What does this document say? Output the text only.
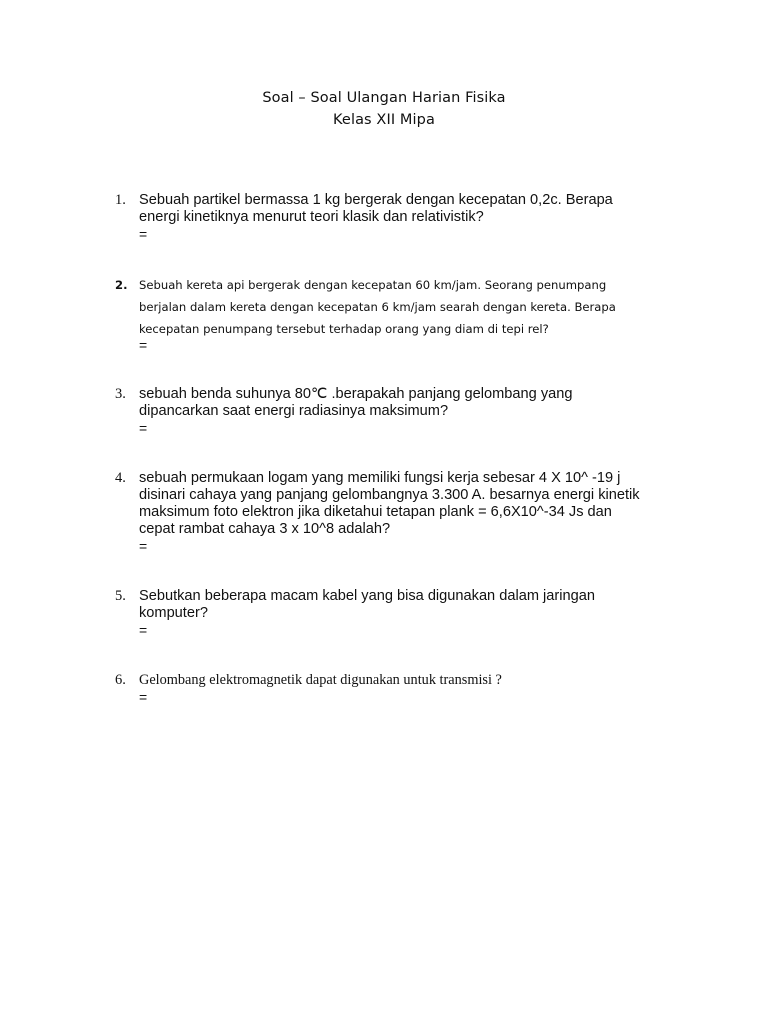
Soal – Soal Ulangan Harian Fisika
Kelas XII Mipa
1. Sebuah partikel bermassa 1 kg bergerak dengan kecepatan 0,2c. Berapa
energi kinetiknya menurut teori klasik dan relativistik?
=
2. Sebuah kereta api bergerak dengan kecepatan 60 km/jam. Seorang penumpang
berjalan dalam kereta dengan kecepatan 6 km/jam searah dengan kereta. Berapa
kecepatan penumpang tersebut terhadap orang yang diam di tepi rel?
=
3. sebuah benda suhunya 80℃ .berapakah panjang gelombang yang
dipancarkan saat energi radiasinya maksimum?
=
4. sebuah permukaan logam yang memiliki fungsi kerja sebesar 4 X 10^ -19 j
disinari cahaya yang panjang gelombangnya 3.300 A. besarnya energi kinetik
maksimum foto elektron jika diketahui tetapan plank = 6,6X10^-34 Js dan
cepat rambat cahaya 3 x 10^8 adalah?
=
5. Sebutkan beberapa macam kabel yang bisa digunakan dalam jaringan
komputer?
=
6. Gelombang elektromagnetik dapat digunakan untuk transmisi ?
=
